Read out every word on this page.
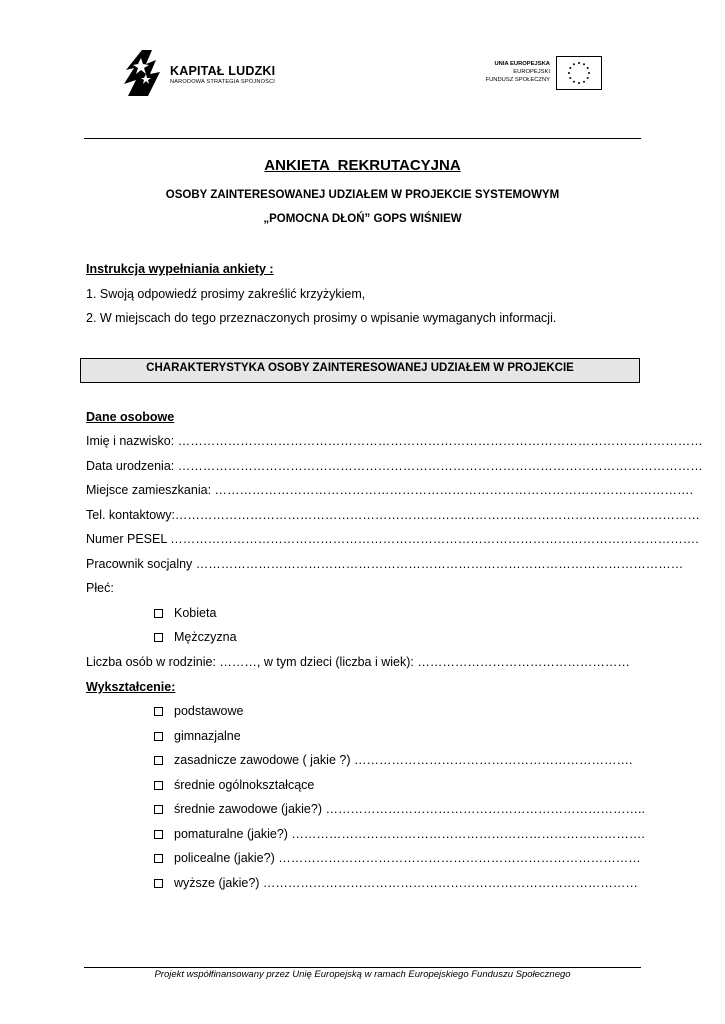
KAPITAŁ LUDZKI
NARODOWA STRATEGIA SPÓJNOŚCI
UNIA EUROPEJSKA
EUROPEJSKI
FUNDUSZ SPOŁECZNY
ANKIETA  REKRUTACYJNA
OSOBY ZAINTERESOWANEJ UDZIAŁEM W PROJEKCIE SYSTEMOWYM
„POMOCNA DŁOŃ” GOPS WIŚNIEW
Instrukcja wypełniania ankiety :
1. Swoją odpowiedź prosimy zakreślić krzyżykiem,
2. W miejscach do tego przeznaczonych prosimy o wpisanie wymaganych informacji.
CHARAKTERYSTYKA OSOBY ZAINTERESOWANEJ UDZIAŁEM W PROJEKCIE
Dane osobowe
Imię i nazwisko: ………………………………………………………………………………………………………………
Data urodzenia: ………………………………………………………………………………………………………………
Miejsce zamieszkania: …………………………………………………………………………………………………….
Tel. kontaktowy:………………………………………………………………………………………………………………
Numer PESEL ……………………………………………………………………………………………………………….
Pracownik socjalny ………………………………………………………………………………………………………
Płeć:
Kobieta
Mężczyzna
Liczba osób w rodzinie: ………, w tym dzieci (liczba i wiek): ……………………………………………
Wykształcenie:
podstawowe
gimnazjalne
zasadnicze zawodowe ( jakie ?) ………………………………………………………….
średnie ogólnokształcące
średnie zawodowe (jakie?) …………………………………………………………………..
pomaturalne (jakie?) ………………………………………………………………………….
policealne (jakie?) ……………………………………………………………………………
wyższe (jakie?) ………………………………………………………………………………
Projekt współfinansowany przez Unię Europejską w ramach Europejskiego Funduszu Społecznego
